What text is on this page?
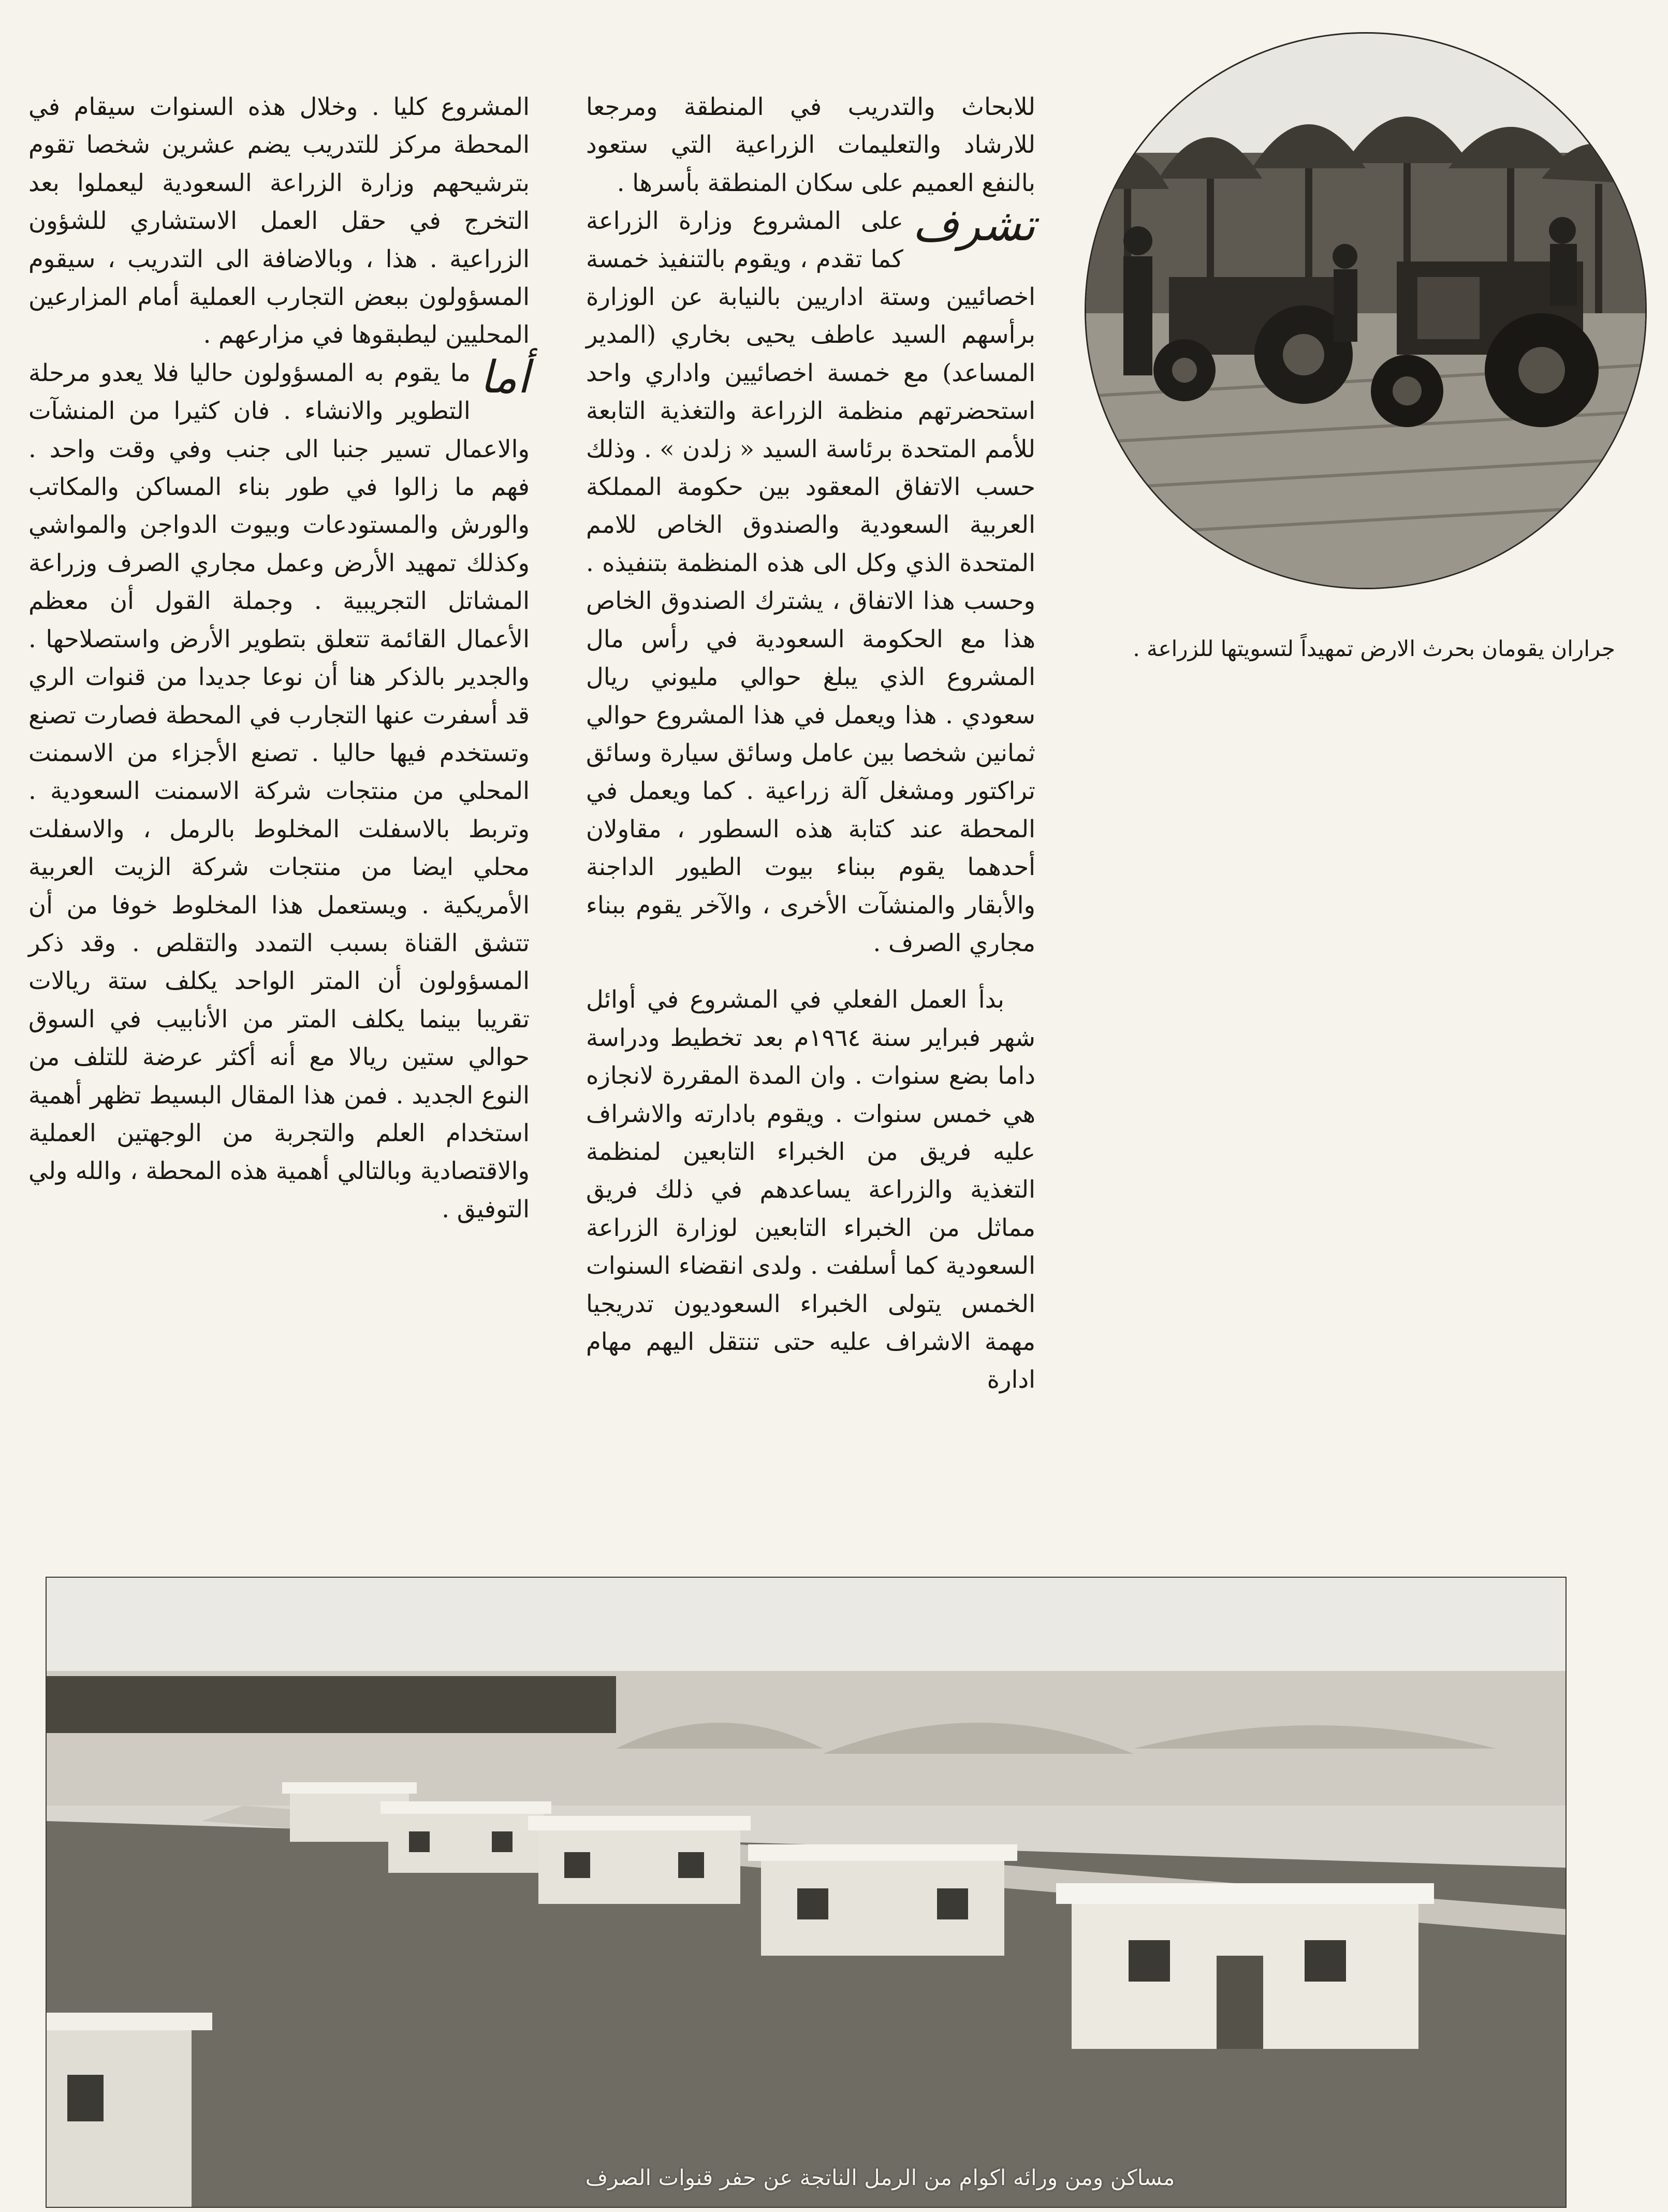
جراران يقومان بحرث الارض تمهيداً لتسويتها للزراعة .

للابحاث والتدريب في المنطقة ومرجعا للارشاد والتعليمات الزراعية التي ستعود بالنفع العميم على سكان المنطقة بأسرها .

تشرف
على المشروع وزارة الزراعة كما تقدم ، ويقوم بالتنفيذ خمسة اخصائيين وستة اداريين بالنيابة عن الوزارة برأسهم السيد عاطف يحيى بخاري (المدير المساعد) مع خمسة اخصائيين واداري واحد استحضرتهم منظمة الزراعة والتغذية التابعة للأمم المتحدة برئاسة السيد « زلدن » . وذلك حسب الاتفاق المعقود بين حكومة المملكة العربية السعودية والصندوق الخاص للامم المتحدة الذي وكل الى هذه المنظمة بتنفيذه . وحسب هذا الاتفاق ، يشترك الصندوق الخاص هذا مع الحكومة السعودية في رأس مال المشروع الذي يبلغ حوالي مليوني ريال سعودي . هذا ويعمل في هذا المشروع حوالي ثمانين شخصا بين عامل وسائق سيارة وسائق تراكتور ومشغل آلة زراعية . كما ويعمل في المحطة عند كتابة هذه السطور ، مقاولان أحدهما يقوم ببناء بيوت الطيور الداجنة والأبقار والمنشآت الأخرى ، والآخر يقوم ببناء مجاري الصرف .

بدأ العمل الفعلي في المشروع في أوائل شهر فبراير سنة ١٩٦٤م بعد تخطيط ودراسة داما بضع سنوات . وان المدة المقررة لانجازه هي خمس سنوات . ويقوم بادارته والاشراف عليه فريق من الخبراء التابعين لمنظمة التغذية والزراعة يساعدهم في ذلك فريق مماثل من الخبراء التابعين لوزارة الزراعة السعودية كما أسلفت . ولدى انقضاء السنوات الخمس يتولى الخبراء السعوديون تدريجيا مهمة الاشراف عليه حتى تنتقل اليهم مهام ادارة

المشروع كليا . وخلال هذه السنوات سيقام في المحطة مركز للتدريب يضم عشرين شخصا تقوم بترشيحهم وزارة الزراعة السعودية ليعملوا بعد التخرج في حقل العمل الاستشاري للشؤون الزراعية . هذا ، وبالاضافة الى التدريب ، سيقوم المسؤولون ببعض التجارب العملية أمام المزارعين المحليين ليطبقوها في مزارعهم .

أما
ما يقوم به المسؤولون حاليا فلا يعدو مرحلة التطوير والانشاء . فان كثيرا من المنشآت والاعمال تسير جنبا الى جنب وفي وقت واحد . فهم ما زالوا في طور بناء المساكن والمكاتب والورش والمستودعات وبيوت الدواجن والمواشي وكذلك تمهيد الأرض وعمل مجاري الصرف وزراعة المشاتل التجريبية . وجملة القول أن معظم الأعمال القائمة تتعلق بتطوير الأرض واستصلاحها . والجدير بالذكر هنا أن نوعا جديدا من قنوات الري قد أسفرت عنها التجارب في المحطة فصارت تصنع وتستخدم فيها حاليا . تصنع الأجزاء من الاسمنت المحلي من منتجات شركة الاسمنت السعودية . وتربط بالاسفلت المخلوط بالرمل ، والاسفلت محلي ايضا من منتجات شركة الزيت العربية الأمريكية . ويستعمل هذا المخلوط خوفا من أن تتشق القناة بسبب التمدد والتقلص . وقد ذكر المسؤولون أن المتر الواحد يكلف ستة ريالات تقريبا بينما يكلف المتر من الأنابيب في السوق حوالي ستين ريالا مع أنه أكثر عرضة للتلف من النوع الجديد . فمن هذا المقال البسيط تظهر أهمية استخدام العلم والتجربة من الوجهتين العملية والاقتصادية وبالتالي أهمية هذه المحطة ، والله ولي التوفيق .

مساكن ومن ورائه اكوام من الرمل الناتجة عن حفر قنوات الصرف
